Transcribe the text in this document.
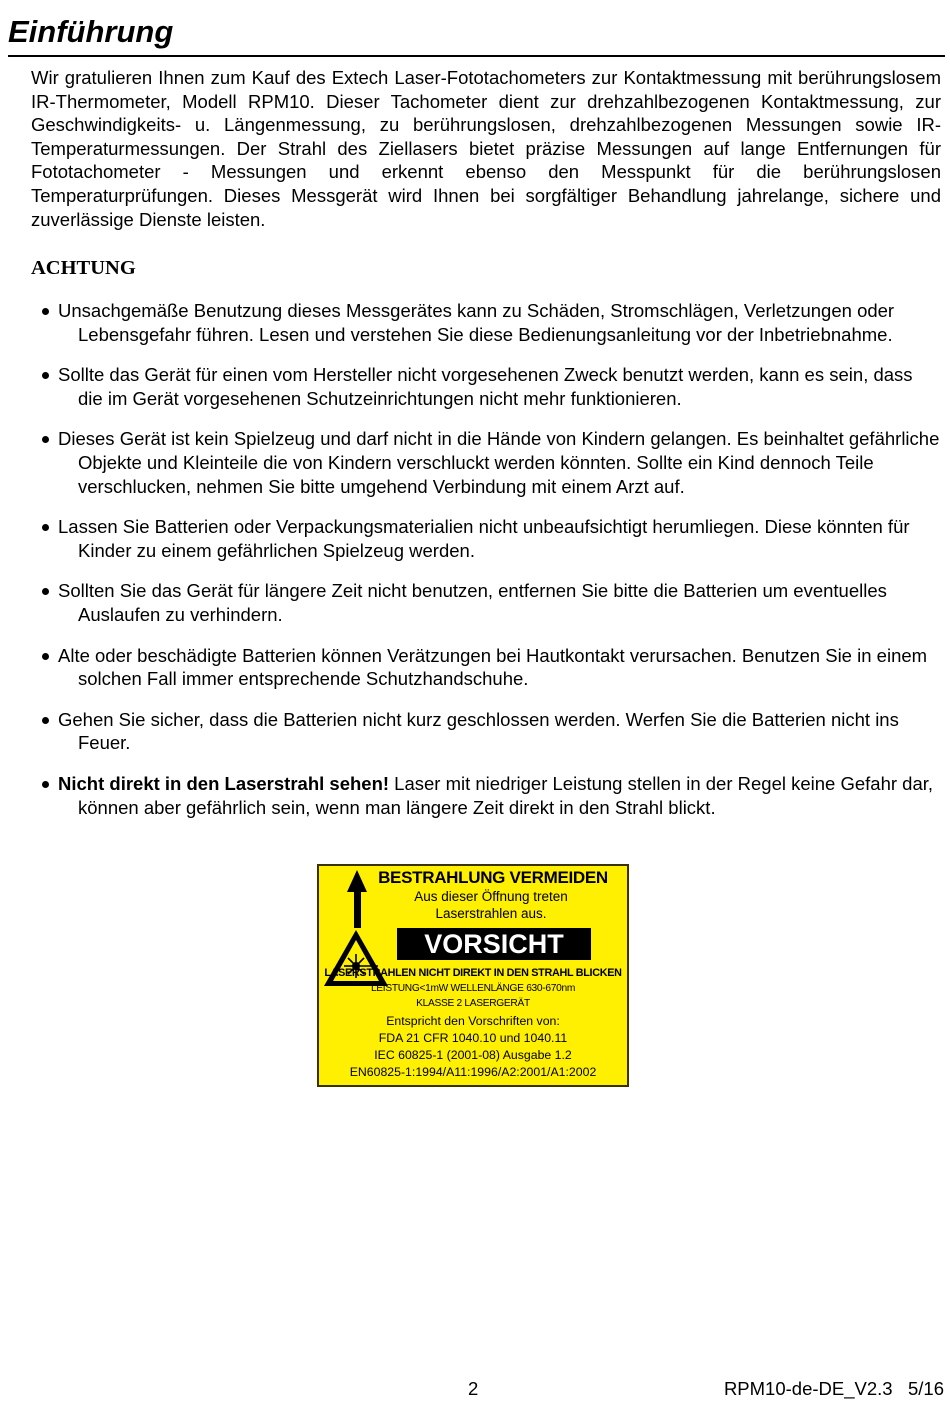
Einführung

Wir gratulieren Ihnen zum Kauf des Extech Laser-Fototachometers zur Kontaktmessung mit berührungslosem IR-Thermometer, Modell RPM10. Dieser Tachometer dient zur drehzahlbezogenen Kontaktmessung, zur Geschwindigkeits- u. Längenmessung, zu berührungslosen, drehzahlbezogenen Messungen sowie IR-Temperaturmessungen. Der Strahl des Ziellasers bietet präzise Messungen auf lange Entfernungen für Fototachometer - Messungen und erkennt ebenso den Messpunkt für die berührungslosen Temperaturprüfungen. Dieses Messgerät wird Ihnen bei sorgfältiger Behandlung jahrelange, sichere und zuverlässige Dienste leisten.

ACHTUNG

Unsachgemäße Benutzung dieses Messgerätes kann zu Schäden, Stromschlägen, Verletzungen oder Lebensgefahr führen. Lesen und verstehen Sie diese Bedienungsanleitung vor der Inbetriebnahme.

Sollte das Gerät für einen vom Hersteller nicht vorgesehenen Zweck benutzt werden, kann es sein, dass die im Gerät vorgesehenen Schutzeinrichtungen nicht mehr funktionieren.

Dieses Gerät ist kein Spielzeug und darf nicht in die Hände von Kindern gelangen. Es beinhaltet gefährliche Objekte und Kleinteile die von Kindern verschluckt werden könnten. Sollte ein Kind dennoch Teile verschlucken, nehmen Sie bitte umgehend Verbindung mit einem Arzt auf.

Lassen Sie Batterien oder Verpackungsmaterialien nicht unbeaufsichtigt herumliegen. Diese könnten für Kinder zu einem gefährlichen Spielzeug werden.

Sollten Sie das Gerät für längere Zeit nicht benutzen, entfernen Sie bitte die Batterien um eventuelles Auslaufen zu verhindern.

Alte oder beschädigte Batterien können Verätzungen bei Hautkontakt verursachen. Benutzen Sie in einem solchen Fall immer entsprechende Schutzhandschuhe.

Gehen Sie sicher, dass die Batterien nicht kurz geschlossen werden. Werfen Sie die Batterien nicht ins Feuer.

Nicht direkt in den Laserstrahl sehen! Laser mit niedriger Leistung stellen in der Regel keine Gefahr dar, können aber gefährlich sein, wenn man längere Zeit direkt in den Strahl blickt.

BESTRAHLUNG VERMEIDEN
Aus dieser Öffnung treten
Laserstrahlen aus.
VORSICHT
LASERSTRAHLEN NICHT DIREKT IN DEN STRAHL BLICKEN
LEISTUNG<1mW WELLENLÄNGE 630-670nm
KLASSE 2 LASERGERÄT
Entspricht den Vorschriften von:
FDA 21 CFR 1040.10 und 1040.11
IEC 60825-1 (2001-08) Ausgabe 1.2
EN60825-1:1994/A11:1996/A2:2001/A1:2002
2	RPM10-de-DE_V2.3   5/16
